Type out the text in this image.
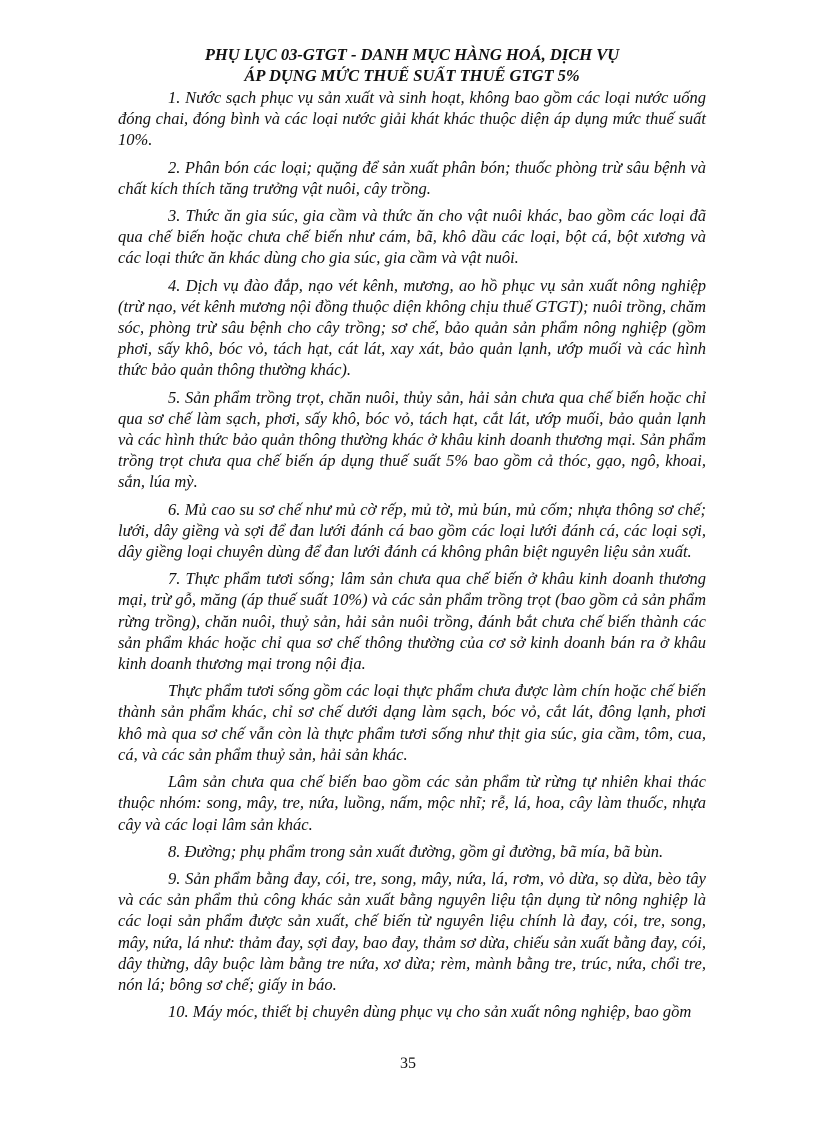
PHỤ LỤC 03-GTGT - DANH MỤC HÀNG HOÁ, DỊCH VỤ
ÁP DỤNG MỨC THUẾ SUẤT THUẾ GTGT 5%

1. Nước sạch phục vụ sản xuất và sinh hoạt, không bao gồm các loại nước uống đóng chai, đóng bình và các loại nước giải khát khác thuộc diện áp dụng mức thuế suất 10%.

2. Phân bón các loại; quặng để sản xuất phân bón; thuốc phòng trừ sâu bệnh và chất kích thích tăng trưởng vật nuôi, cây trồng.

3. Thức ăn gia súc, gia cầm và thức ăn cho vật nuôi khác, bao gồm các loại đã qua chế biến hoặc chưa chế biến như cám, bã, khô dầu các loại, bột cá, bột xương và các loại thức ăn khác dùng cho gia súc, gia cầm và vật nuôi.

4. Dịch vụ đào đắp, nạo vét kênh, mương, ao hồ phục vụ sản xuất nông nghiệp (trừ nạo, vét kênh mương nội đồng thuộc diện không chịu thuế GTGT); nuôi trồng, chăm sóc, phòng trừ sâu bệnh cho cây trồng; sơ chế, bảo quản sản phẩm nông nghiệp (gồm phơi, sấy khô, bóc vỏ, tách hạt, cát lát, xay xát, bảo quản lạnh, ướp muối và các hình thức bảo quản thông thường khác).

5. Sản phẩm trồng trọt, chăn nuôi, thủy sản, hải sản chưa qua chế biến hoặc chỉ qua sơ chế làm sạch, phơi, sấy khô, bóc vỏ, tách hạt, cắt lát, ướp muối, bảo quản lạnh và các hình thức bảo quản thông thường khác ở khâu kinh doanh thương mại. Sản phẩm trồng trọt chưa qua chế biến áp dụng thuế suất 5% bao gồm cả thóc, gạo, ngô, khoai, sắn, lúa mỳ.

6. Mủ cao su sơ chế như mủ cờ rếp, mủ tờ, mủ bún, mủ cốm; nhựa thông sơ chế; lưới, dây giềng và sợi để đan lưới đánh cá bao gồm các loại lưới đánh cá, các loại sợi, dây giềng loại chuyên dùng để đan lưới đánh cá không phân biệt nguyên liệu sản xuất.

7. Thực phẩm tươi sống; lâm sản chưa qua chế biến ở khâu kinh doanh thương mại, trừ gỗ, măng (áp thuế suất 10%) và các sản phẩm trồng trọt (bao gồm cả sản phẩm rừng trồng), chăn nuôi, thuỷ sản, hải sản nuôi trồng, đánh bắt chưa chế biến thành các sản phẩm khác hoặc chỉ qua sơ chế thông thường của cơ sở kinh doanh bán ra ở khâu kinh doanh thương mại trong nội địa.

Thực phẩm tươi sống gồm các loại thực phẩm chưa được làm chín hoặc chế biến thành sản phẩm khác, chỉ sơ chế dưới dạng làm sạch, bóc vỏ, cắt lát, đông lạnh, phơi khô mà qua sơ chế vẫn còn là thực phẩm tươi sống như thịt gia súc, gia cầm, tôm, cua, cá, và các sản phẩm thuỷ sản, hải sản khác.

Lâm sản chưa qua chế biến bao gồm các sản phẩm từ rừng tự nhiên khai thác thuộc nhóm: song, mây, tre, nứa, luồng, nấm, mộc nhĩ; rễ, lá, hoa, cây làm thuốc, nhựa cây và các loại lâm sản khác.

8. Đường; phụ phẩm trong sản xuất đường, gồm gỉ đường, bã mía, bã bùn.

9. Sản phẩm bằng đay, cói, tre, song, mây, nứa, lá, rơm, vỏ dừa, sọ dừa, bèo tây và các sản phẩm thủ công khác sản xuất bằng nguyên liệu tận dụng từ nông nghiệp là các loại sản phẩm được sản xuất, chế biến từ nguyên liệu chính là đay, cói, tre, song, mây, nứa, lá như: thảm đay, sợi đay, bao đay, thảm sơ dừa, chiếu sản xuất bằng đay, cói, dây thừng, dây buộc làm bằng tre nứa, xơ dừa; rèm, mành bằng tre, trúc, nứa, chổi tre, nón lá; bông sơ chế; giấy in báo.

10. Máy móc, thiết bị chuyên dùng phục vụ cho sản xuất nông nghiệp, bao gồm

35
